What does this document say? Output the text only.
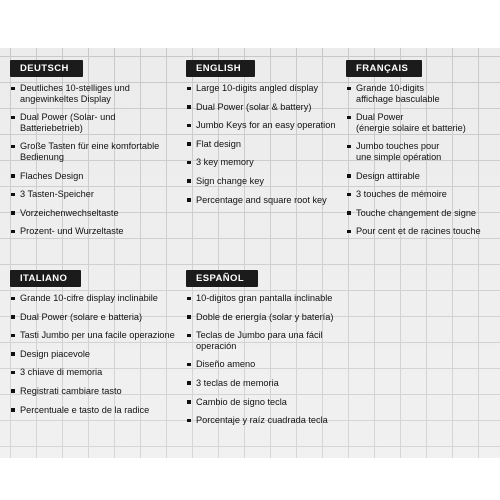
DEUTSCH
Deutliches 10-stelliges und angewinkeltes Display
Dual Power (Solar- und Batteriebetrieb)
Große Tasten für eine komfortable Bedienung
Flaches Design
3 Tasten-Speicher
Vorzeichenwechseltaste
Prozent- und Wurzeltaste
ENGLISH
Large 10-digits angled display
Dual Power (solar & battery)
Jumbo Keys for an easy operation
Flat design
3 key memory
Sign change key
Percentage and square root key
FRANÇAIS
Grande 10-digits
affichage basculable
Dual Power
(énergie solaire et batterie)
Jumbo touches pour
une simple opération
Design attirable
3 touches de mémoire
Touche changement de signe
Pour cent et de racines touche
ITALIANO
Grande 10-cifre display inclinabile
Dual Power (solare e batteria)
Tasti Jumbo per una facile operazione
Design piacevole
3 chiave di memoria
Registrati cambiare tasto
Percentuale e tasto de la radice
ESPAÑOL
10-digitos gran pantalla inclinable
Doble de energía (solar y batería)
Teclas de Jumbo para una fácil operación
Diseño ameno
3 teclas de memoria
Cambio de signo tecla
Porcentaje y raíz cuadrada tecla
